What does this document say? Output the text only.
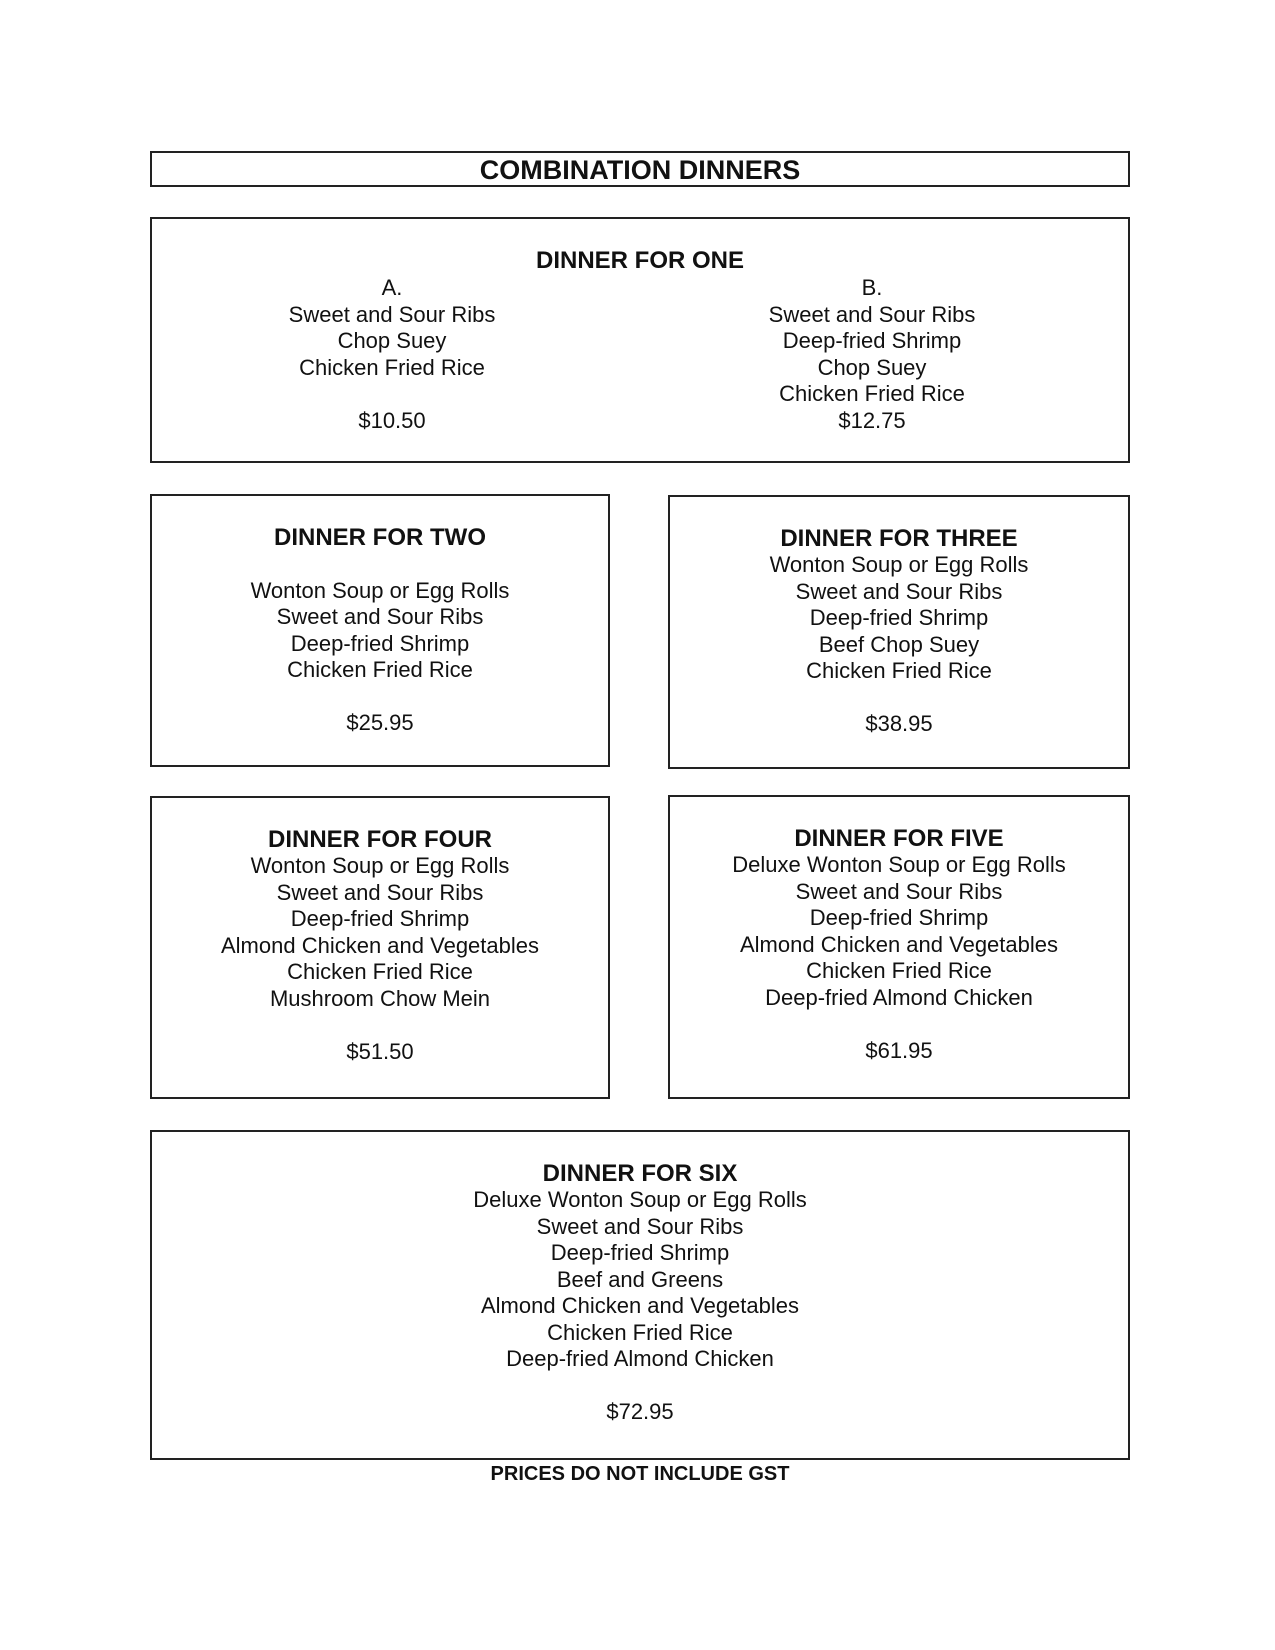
COMBINATION DINNERS
DINNER FOR ONE
A.
Sweet and Sour Ribs
Chop Suey
Chicken Fried Rice
$10.50
B.
Sweet and Sour Ribs
Deep-fried Shrimp
Chop Suey
Chicken Fried Rice
$12.75
DINNER FOR TWO
Wonton Soup or Egg Rolls
Sweet and Sour Ribs
Deep-fried Shrimp
Chicken Fried Rice
$25.95
DINNER FOR THREE
Wonton Soup or Egg Rolls
Sweet and Sour Ribs
Deep-fried Shrimp
Beef Chop Suey
Chicken Fried Rice
$38.95
DINNER FOR FOUR
Wonton Soup or Egg Rolls
Sweet and Sour Ribs
Deep-fried Shrimp
Almond Chicken and Vegetables
Chicken Fried Rice
Mushroom Chow Mein
$51.50
DINNER FOR FIVE
Deluxe Wonton Soup or Egg Rolls
Sweet and Sour Ribs
Deep-fried Shrimp
Almond Chicken and Vegetables
Chicken Fried Rice
Deep-fried Almond Chicken
$61.95
DINNER FOR SIX
Deluxe Wonton Soup or Egg Rolls
Sweet and Sour Ribs
Deep-fried Shrimp
Beef and Greens
Almond Chicken and Vegetables
Chicken Fried Rice
Deep-fried Almond Chicken
$72.95
PRICES DO NOT INCLUDE GST
